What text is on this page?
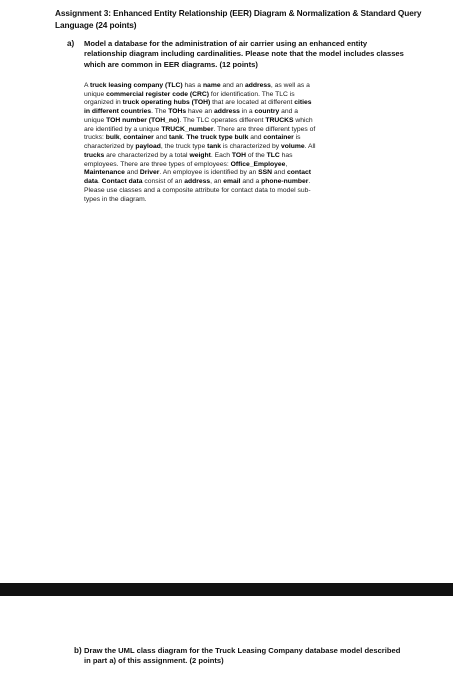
Assignment 3: Enhanced Entity Relationship (EER) Diagram & Normalization & Standard Query Language (24 points)
a) Model a database for the administration of air carrier using an enhanced entity relationship diagram including cardinalities. Please note that the model includes classes which are common in EER diagrams. (12 points)
A truck leasing company (TLC) has a name and an address, as well as a
unique commercial register code (CRC) for identification. The TLC is
organized in truck operating hubs (TOH) that are located at different cities
in different countries. The TOHs have an address in a country and a
unique TOH number (TOH_no). The TLC operates different TRUCKS which
are identified by a unique TRUCK_number. There are three different types of
trucks: bulk, container and tank. The truck type bulk and container is
characterized by payload, the truck type tank is characterized by volume. All
trucks are characterized by a total weight. Each TOH of the TLC has
employees. There are three types of employees: Office_Employee,
Maintenance and Driver. An employee is identified by an SSN and contact
data. Contact data consist of an address, an email and a phone-number.
Please use classes and a composite attribute for contact data to model sub-
types in the diagram.
b) Draw the UML class diagram for the Truck Leasing Company database model described in part a) of this assignment. (2 points)
